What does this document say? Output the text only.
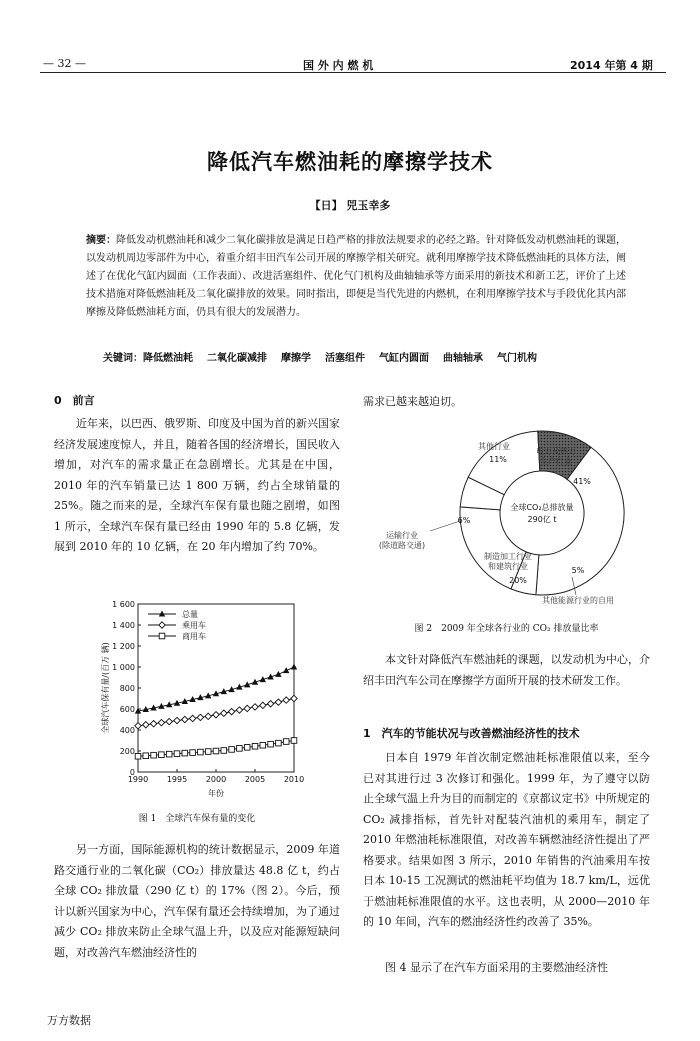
— 32 —	国 外 内 燃 机	2014 年第 4 期
降低汽车燃油耗的摩擦学技术
【日】 兕玉幸多
摘要：降低发动机燃油耗和减少二氧化碳排放是满足日趋严格的排放法规要求的必经之路。针对降低发动机燃油耗的课题，以发动机周边零部件为中心，着重介绍丰田汽车公司开展的摩擦学相关研究。就利用摩擦学技术降低燃油耗的具体方法，阐述了在优化气缸内圆面（工作表面）、改进活塞组件、优化气门机构及曲轴轴承等方面采用的新技术和新工艺，评价了上述技术措施对降低燃油耗及二氧化碳排放的效果。同时指出，即便是当代先进的内燃机，在利用摩擦学技术与手段优化其内部摩擦及降低燃油耗方面，仍具有很大的发展潜力。
关键词：降低燃油耗 二氧化碳减排 摩擦学 活塞组件 气缸内圆面 曲轴轴承 气门机构
0　前言

近年来，以巴西、俄罗斯、印度及中国为首的新兴国家经济发展速度惊人，并且，随着各国的经济增长，国民收入增加，对汽车的需求量正在急剧增长。尤其是在中国，2010 年的汽车销量已达 1 800 万辆，约占全球销量的 25%。随之而来的是，全球汽车保有量也随之剧增，如图 1 所示，全球汽车保有量已经由 1990 年的 5.8 亿辆，发展到 2010 年的 10 亿辆，在 20 年内增加了约 70%。

0
200
400
600
800
1 000
1 200
1 400
1 600
1990 1995 2000 2005 2010
年份
全球汽车保有量/(百万 辆)
总量
乘用车
商用车
图 1　全球汽车保有量的变化

另一方面，国际能源机构的统计数据显示，2009 年道路交通行业的二氧化碳（CO₂）排放量达 48.8 亿 t，约占全球 CO₂ 排放量（290 亿 t）的 17%（图 2）。今后，预计以新兴国家为中心，汽车保有量还会持续增加，为了通过减少 CO₂ 排放来防止全球气温上升，以及应对能源短缺问题，对改善汽车燃油经济性的

需求已越来越迫切。

全球CO₂总排放量
290亿 t
电力及热力
生产行业
41%
其他行业
11%
运输行业
(除道路交通)
6%
制造加工行业
和建筑行业
20%
5%
其他能源行业的自用
图 2　2009 年全球各行业的 CO₂ 排放量比率

本文针对降低汽车燃油耗的课题，以发动机为中心，介绍丰田汽车公司在摩擦学方面所开展的技术研发工作。

1　汽车的节能状况与改善燃油经济性的技术

日本自 1979 年首次制定燃油耗标准限值以来，至今已对其进行过 3 次修订和强化。1999 年，为了遵守以防止全球气温上升为目的而制定的《京都议定书》中所规定的 CO₂ 减排指标，首先针对配装汽油机的乘用车，制定了 2010 年燃油耗标准限值，对改善车辆燃油经济性提出了严格要求。结果如图 3 所示，2010 年销售的汽油乘用车按日本 10-15 工况测试的燃油耗平均值为 18.7 km/L，远优于燃油耗标准限值的水平。这也表明，从 2000—2010 年的 10 年间，汽车的燃油经济性约改善了 35%。

图 4 显示了在汽车方面采用的主要燃油经济性

万方数据
